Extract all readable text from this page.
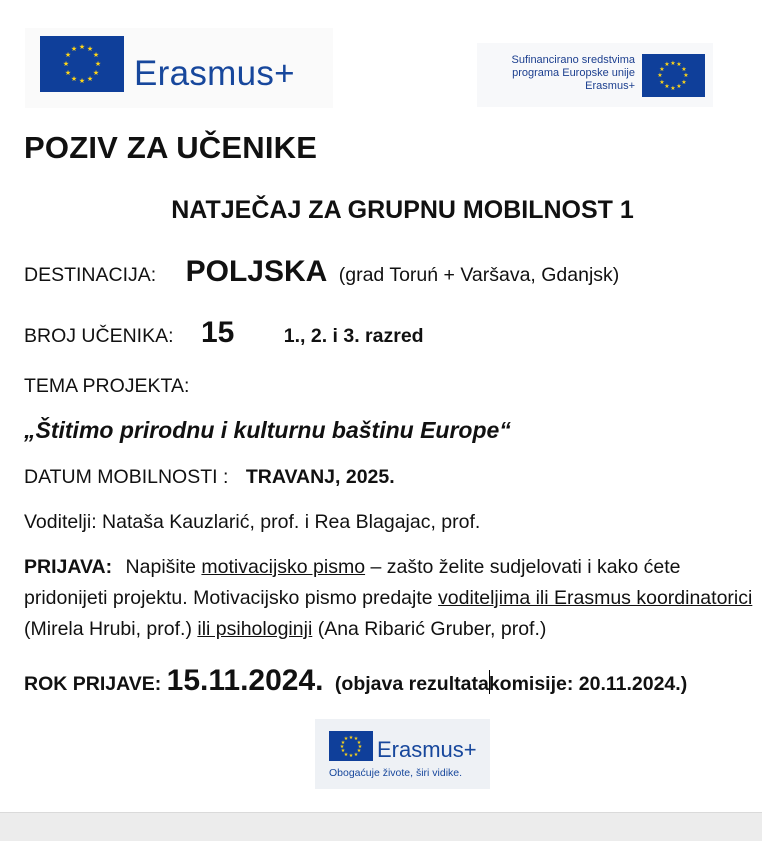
★ ★
★
★
★
★
★
★
★
★
★
★
Erasmus+	Sufinancirano sredstvima
programa Europske unije
Erasmus+
★ ★
★
★
★
★
★
★
★
★
★
★
POZIV ZA UČENIKE
NATJEČAJ ZA GRUPNU MOBILNOST 1
DESTINACIJA: POLJSKA (grad Toruń + Varšava, Gdanjsk)
BROJ UČENIKA: 15	1., 2. i 3. razred
TEMA PROJEKTA:
„Štitimo prirodnu i kulturnu baštinu Europe“
DATUM MOBILNOSTI : TRAVANJ, 2025.
Voditelji: Nataša Kauzlarić, prof. i Rea Blagajac, prof.
PRIJAVA: Napišite motivacijsko pismo – zašto želite sudjelovati i kako ćete pridonijeti projektu. Motivacijsko pismo predajte voditeljima ili Erasmus koordinatorici (Mirela Hrubi, prof.) ili psihologinji (Ana Ribarić Gruber, prof.)
ROK PRIJAVE: 15.11.2024. (objava rezultatakomisije: 20.11.2024.)
★ ★
★
★
★
★
★
★
★
★
★
★ Erasmus+
Obogaćuje živote, širi vidike.
